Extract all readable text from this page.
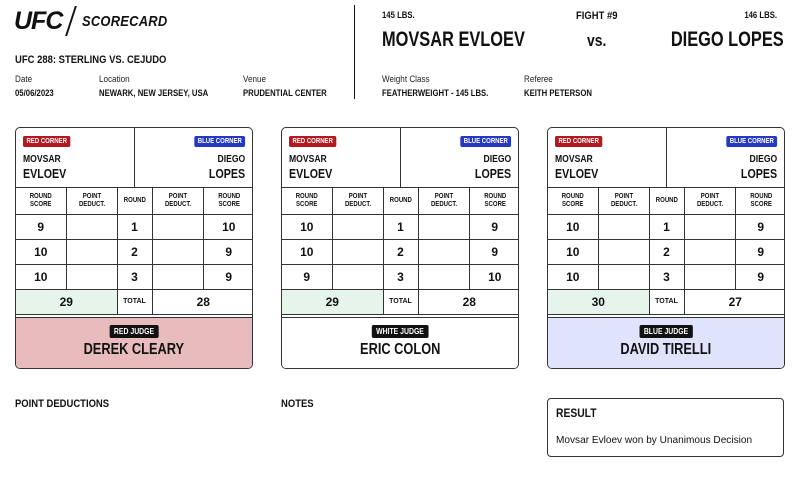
UFC SCORECARD
UFC 288: STERLING VS. CEJUDO
Date
05/06/2023
Location
NEWARK, NEW JERSEY, USA
Venue
PRUDENTIAL CENTER
145 LBS.	FIGHT #9	146 LBS.
MOVSAR EVLOEV	vs.	DIEGO LOPES
Weight Class
FEATHERWEIGHT - 145 LBS.
Referee
KEITH PETERSON
RED CORNER	BLUE CORNER
MOVSAR
EVLOEV
DIEGO
LOPES
ROUND SCORE	POINT DEDUCT.	ROUND	POINT DEDUCT.	ROUND SCORE
9		1		10
10		2		9
10		3		9
29		TOTAL	28	
RED JUDGE
DEREK CLEARY
RED CORNER	BLUE CORNER
MOVSAR
EVLOEV
DIEGO
LOPES
ROUND SCORE	POINT DEDUCT.	ROUND	POINT DEDUCT.	ROUND SCORE
10		1		9
10		2		9
9		3		10
29		TOTAL	28	
WHITE JUDGE
ERIC COLON
RED CORNER	BLUE CORNER
MOVSAR
EVLOEV
DIEGO
LOPES
ROUND SCORE	POINT DEDUCT.	ROUND	POINT DEDUCT.	ROUND SCORE
10		1		9
10		2		9
10		3		9
30		TOTAL	27	
BLUE JUDGE
DAVID TIRELLI
POINT DEDUCTIONS	NOTES
RESULT
Movsar Evloev won by Unanimous Decision
